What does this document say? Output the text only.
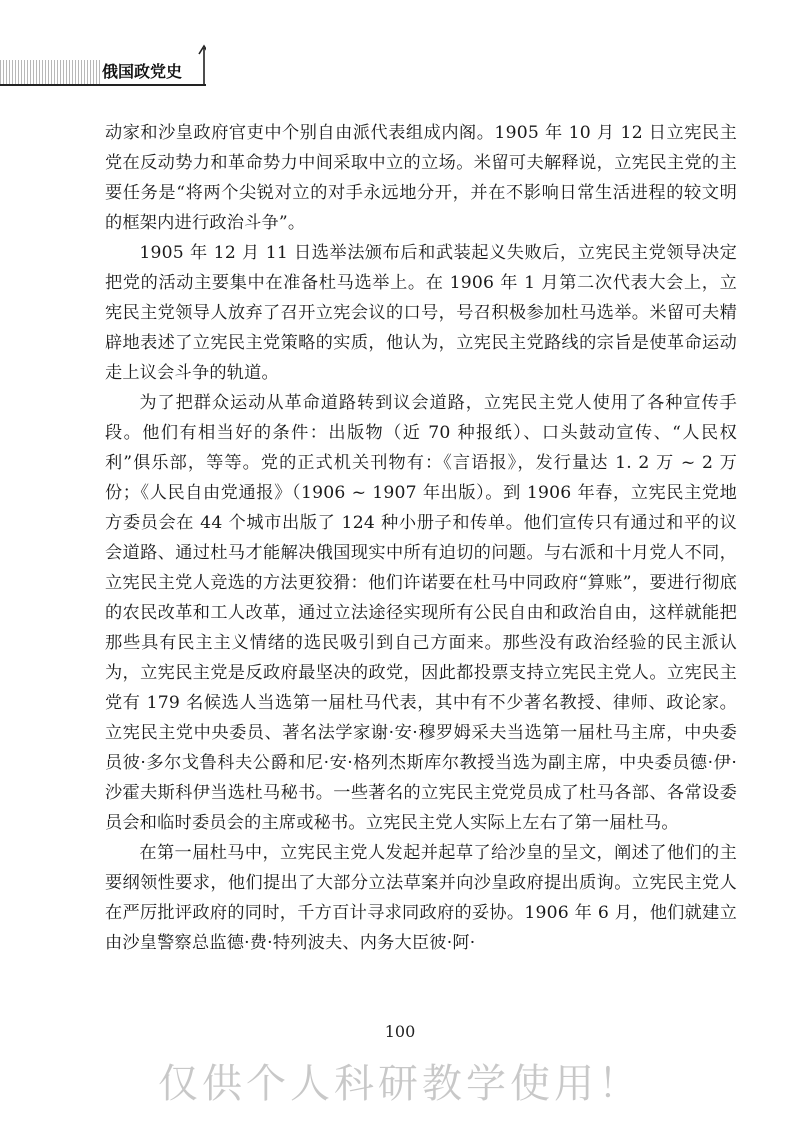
俄国政党史

动家和沙皇政府官吏中个别自由派代表组成内阁。1905 年 10 月 12 日立宪民主党在反动势力和革命势力中间采取中立的立场。米留可夫解释说，立宪民主党的主要任务是“将两个尖锐对立的对手永远地分开，并在不影响日常生活进程的较文明的框架内进行政治斗争”。

1905 年 12 月 11 日选举法颁布后和武装起义失败后，立宪民主党领导决定把党的活动主要集中在准备杜马选举上。在 1906 年 1 月第二次代表大会上，立宪民主党领导人放弃了召开立宪会议的口号，号召积极参加杜马选举。米留可夫精辟地表述了立宪民主党策略的实质，他认为，立宪民主党路线的宗旨是使革命运动走上议会斗争的轨道。

为了把群众运动从革命道路转到议会道路，立宪民主党人使用了各种宣传手段。他们有相当好的条件：出版物（近 70 种报纸）、口头鼓动宣传、“人民权利”俱乐部，等等。党的正式机关刊物有：《言语报》，发行量达 1. 2 万 ~ 2 万份；《人民自由党通报》（1906 ~ 1907 年出版）。到 1906 年春，立宪民主党地方委员会在 44 个城市出版了 124 种小册子和传单。他们宣传只有通过和平的议会道路、通过杜马才能解决俄国现实中所有迫切的问题。与右派和十月党人不同，立宪民主党人竞选的方法更狡猾：他们许诺要在杜马中同政府“算账”，要进行彻底的农民改革和工人改革，通过立法途径实现所有公民自由和政治自由，这样就能把那些具有民主主义情绪的选民吸引到自己方面来。那些没有政治经验的民主派认为，立宪民主党是反政府最坚决的政党，因此都投票支持立宪民主党人。立宪民主党有 179 名候选人当选第一届杜马代表，其中有不少著名教授、律师、政论家。立宪民主党中央委员、著名法学家谢·安·穆罗姆采夫当选第一届杜马主席，中央委员彼·多尔戈鲁科夫公爵和尼·安·格列杰斯库尔教授当选为副主席，中央委员德·伊·沙霍夫斯科伊当选杜马秘书。一些著名的立宪民主党党员成了杜马各部、各常设委员会和临时委员会的主席或秘书。立宪民主党人实际上左右了第一届杜马。

在第一届杜马中，立宪民主党人发起并起草了给沙皇的呈文，阐述了他们的主要纲领性要求，他们提出了大部分立法草案并向沙皇政府提出质询。立宪民主党人在严厉批评政府的同时，千方百计寻求同政府的妥协。1906 年 6 月，他们就建立由沙皇警察总监德·费·特列波夫、内务大臣彼·阿·

100
仅供个人科研教学使用！
